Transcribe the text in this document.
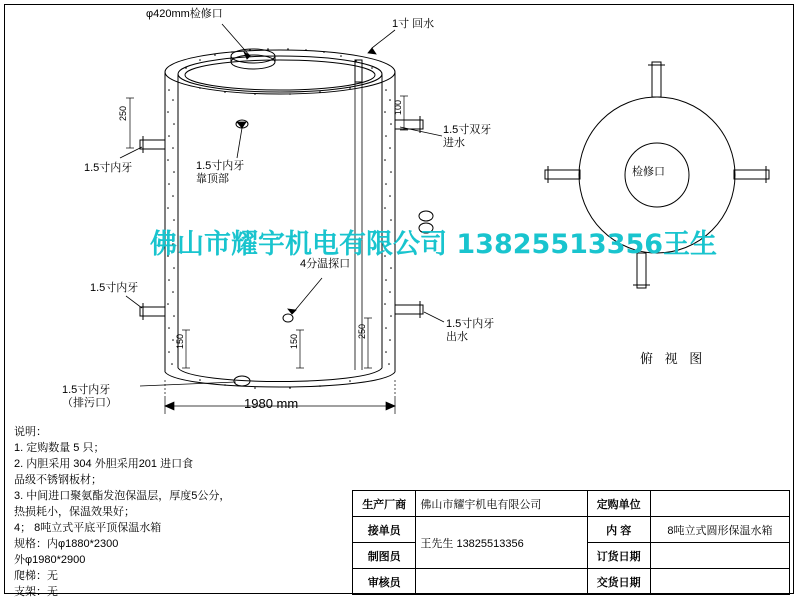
φ420mm检修口
1寸 回水
1.5寸双牙
进水
1.5寸内牙	1.5寸内牙
靠顶部
4分温探口
1.5寸内牙
1.5寸内牙
出水
1.5寸内牙
（排污口）
250
150	150
250
100
1980 mm
检修口
俯 视 图
佛山市耀宇机电有限公司 13825513356王生
说明：
1. 定购数量 5 只；
2. 内胆采用 304 外胆采用201 进口食
品级不锈钢板材；
3. 中间进口聚氨酯发泡保温层，厚度5公分，
热损耗小，保温效果好；
4； 8吨立式平底平顶保温水箱
规格：内φ1880*2300
外φ1980*2900
爬梯：无
支架：无
生产厂商	佛山市耀宇机电有限公司	定购单位	
接单员	王先生 13825513356	内 容	8吨立式圆形保温水箱
制图员		订货日期	
审核员		交货日期	
